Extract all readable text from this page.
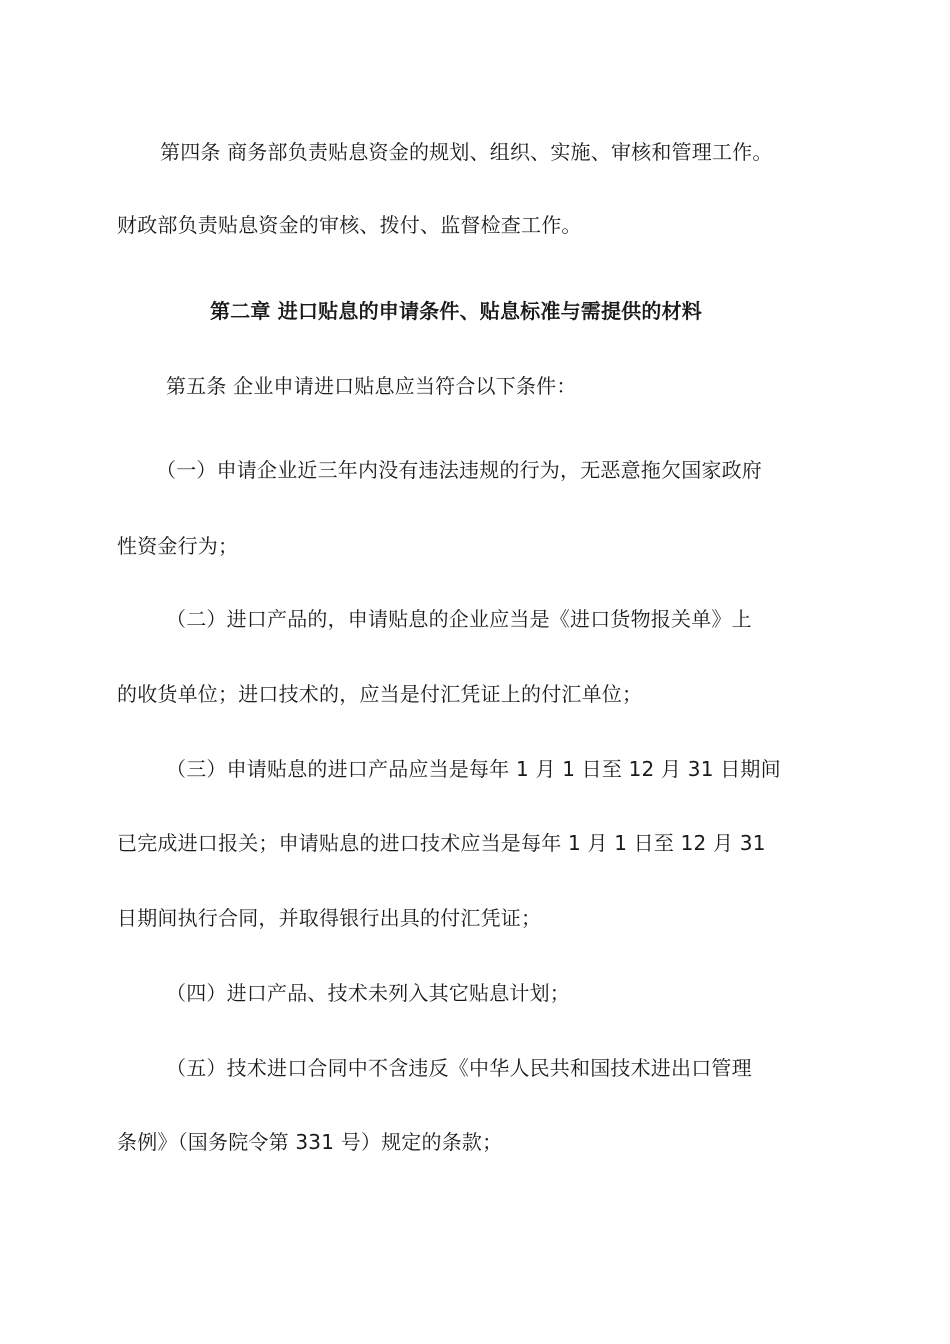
第四条 商务部负责贴息资金的规划、组织、实施、审核和管理工作。
财政部负责贴息资金的审核、拨付、监督检查工作。
第二章 进口贴息的申请条件、贴息标准与需提供的材料
第五条 企业申请进口贴息应当符合以下条件：
（一）申请企业近三年内没有违法违规的行为，无恶意拖欠国家政府
性资金行为；
（二）进口产品的，申请贴息的企业应当是《进口货物报关单》上
的收货单位；进口技术的，应当是付汇凭证上的付汇单位；
（三）申请贴息的进口产品应当是每年 1 月 1 日至 12 月 31 日期间
已完成进口报关；申请贴息的进口技术应当是每年 1 月 1 日至 12 月 31
日期间执行合同，并取得银行出具的付汇凭证；
（四）进口产品、技术未列入其它贴息计划；
（五）技术进口合同中不含违反《中华人民共和国技术进出口管理
条例》（国务院令第 331 号）规定的条款；
